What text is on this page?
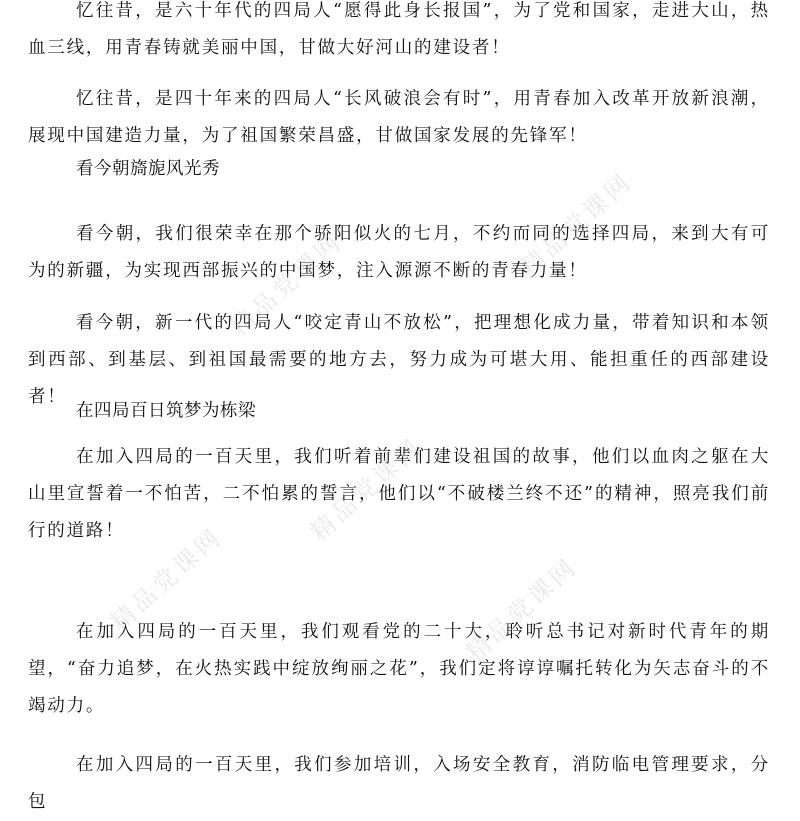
忆往昔，是六十年代的四局人“愿得此身长报国”，为了党和国家，走进大山，热血三线，用青春铸就美丽中国，甘做大好河山的建设者！

忆往昔，是四十年来的四局人“长风破浪会有时”，用青春加入改革开放新浪潮，展现中国建造力量，为了祖国繁荣昌盛，甘做国家发展的先锋军！

看今朝旖旎风光秀

看今朝，我们很荣幸在那个骄阳似火的七月，不约而同的选择四局，来到大有可为的新疆，为实现西部振兴的中国梦，注入源源不断的青春力量！

看今朝，新一代的四局人“咬定青山不放松”，把理想化成力量，带着知识和本领到西部、到基层、到祖国最需要的地方去，努力成为可堪大用、能担重任的西部建设者！

在四局百日筑梦为栋梁

在加入四局的一百天里，我们听着前辈们建设祖国的故事，他们以血肉之躯在大山里宣誓着一不怕苦，二不怕累的誓言，他们以“不破楼兰终不还”的精神，照亮我们前行的道路！

在加入四局的一百天里，我们观看党的二十大，聆听总书记对新时代青年的期望，“奋力追梦，在火热实践中绽放绚丽之花”，我们定将谆谆嘱托转化为矢志奋斗的不竭动力。

在加入四局的一百天里，我们参加培训，入场安全教育，消防临电管理要求，分包

精品党课网
精品党课网
精品党课网
精品党课网	精品党课网
